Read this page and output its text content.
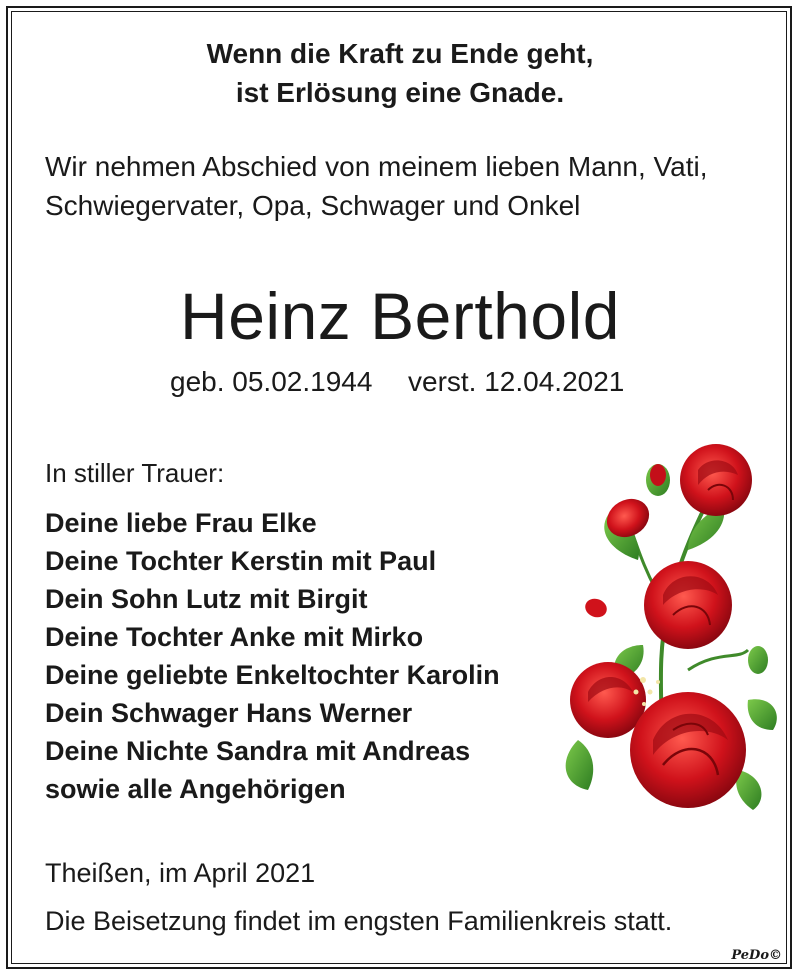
Wenn die Kraft zu Ende geht,
ist Erlösung eine Gnade.
Wir nehmen Abschied von meinem lieben Mann, Vati,
Schwiegervater, Opa, Schwager und Onkel
Heinz Berthold
geb. 05.02.1944 verst. 12.04.2021
In stiller Trauer:
Deine liebe Frau Elke
Deine Tochter Kerstin mit Paul
Dein Sohn Lutz mit Birgit
Deine Tochter Anke mit Mirko
Deine geliebte Enkeltochter Karolin
Dein Schwager Hans Werner
Deine Nichte Sandra mit Andreas
sowie alle Angehörigen
Theißen, im April 2021
Die Beisetzung findet im engsten Familienkreis statt.
PeDo©
